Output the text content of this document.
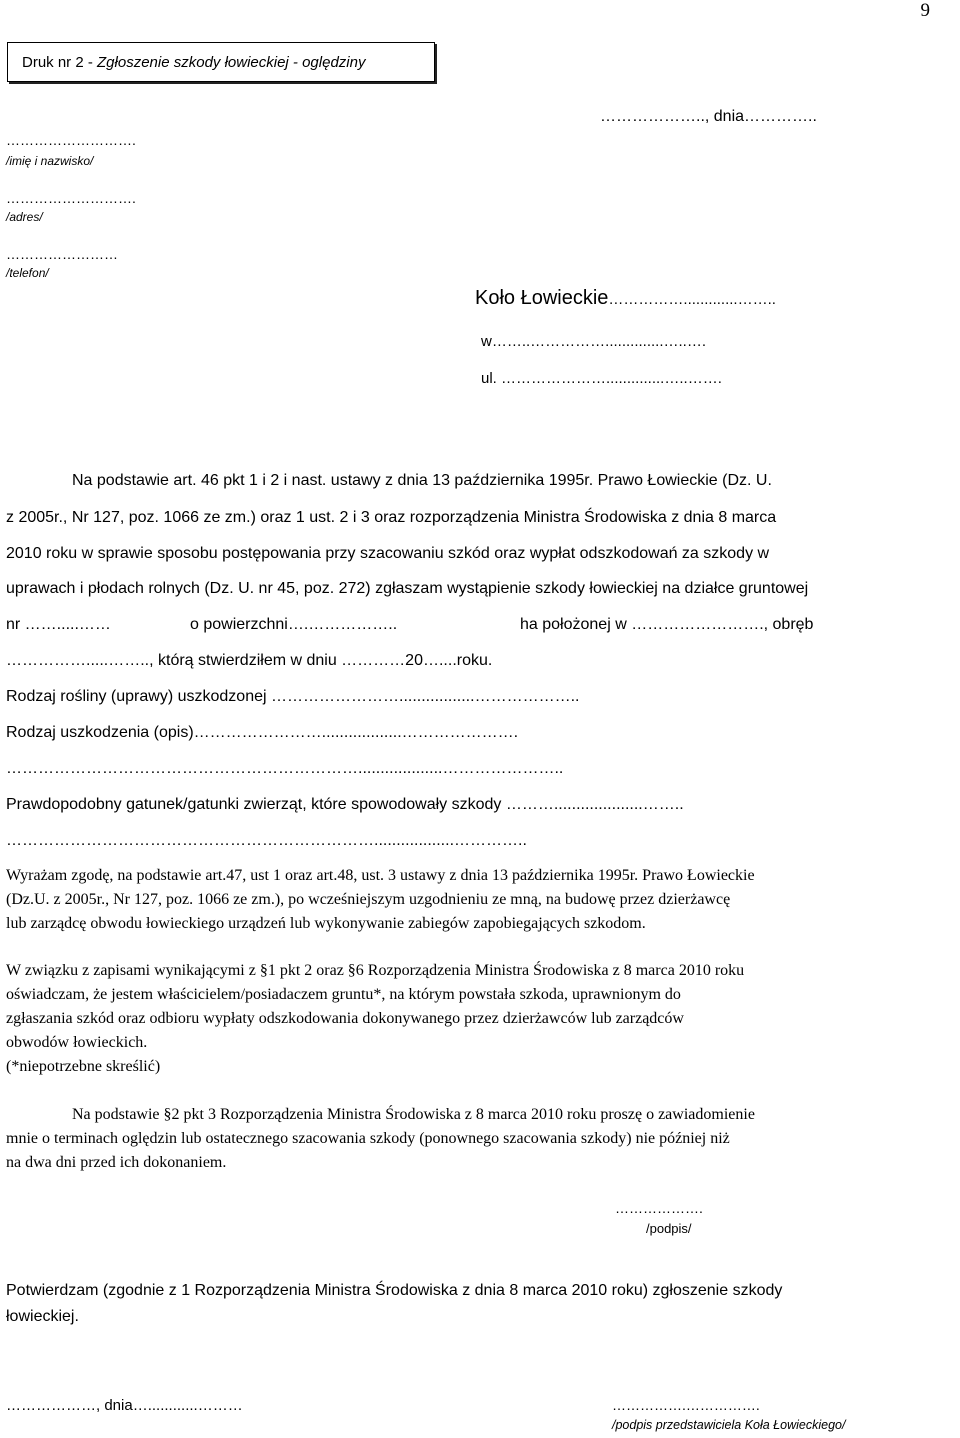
9
Druk nr 2 - Zgłoszenie szkody łowieckiej - oględziny
……………….., dnia…………..
……………………….
/imię i nazwisko/
……………………….
/adres/
……………………
/telefon/
Koło Łowieckie…………….............……..
w……..……………..............…..….
ul. …………………..............…..…….
Na podstawie art. 46 pkt 1 i 2 i nast. ustawy z dnia 13 października 1995r. Prawo Łowieckie (Dz. U.
z 2005r., Nr 127, poz. 1066 ze zm.) oraz 1 ust. 2 i 3 oraz rozporządzenia Ministra Środowiska z dnia 8 marca
2010 roku w sprawie sposobu postępowania przy szacowaniu szkód oraz wypłat odszkodowań za szkody w
uprawach i płodach rolnych (Dz. U. nr 45, poz. 272) zgłaszam wystąpienie szkody łowieckiej na działce gruntowej
nr …….....……	o powierzchni….……………..	ha położonej w ……………………., obręb
…………….....…….., którą stwierdziłem w dniu …………20…....roku.
Rodzaj rośliny (uprawy) uszkodzonej …………………….................………………..
Rodzaj uszkodzenia (opis)……………………..................………………….
…………………………………………………………...................…………………..
Prawdopodobny gatunek/gatunki zwierząt, które spowodowały szkody ………....................……..
……………………………………………………………..................…………..
Wyrażam zgodę, na podstawie art.47, ust 1 oraz art.48, ust. 3 ustawy z dnia 13 października 1995r. Prawo Łowieckie
(Dz.U. z 2005r., Nr 127, poz. 1066 ze zm.), po wcześniejszym uzgodnieniu ze mną, na budowę przez dzierżawcę
lub zarządcę obwodu łowieckiego urządzeń lub wykonywanie zabiegów zapobiegających szkodom.
W związku z zapisami wynikającymi z §1 pkt 2 oraz §6 Rozporządzenia Ministra Środowiska z 8 marca 2010 roku
oświadczam, że jestem właścicielem/posiadaczem gruntu*, na którym powstała szkoda, uprawnionym do
zgłaszania szkód oraz odbioru wypłaty odszkodowania dokonywanego przez dzierżawców lub zarządców
obwodów łowieckich.
(*niepotrzebne skreślić)
Na podstawie §2 pkt 3 Rozporządzenia Ministra Środowiska z 8 marca 2010 roku proszę o zawiadomienie
mnie o terminach oględzin lub ostatecznego szacowania szkody (ponownego szacowania szkody) nie później niż
na dwa dni przed ich dokonaniem.
……………….
/podpis/
Potwierdzam (zgodnie z 1 Rozporządzenia Ministra Środowiska z dnia 8 marca 2010 roku) zgłoszenie szkody
łowieckiej.
………………, dnia…............………	…………….…………….
/podpis przedstawiciela Koła Łowieckiego/
